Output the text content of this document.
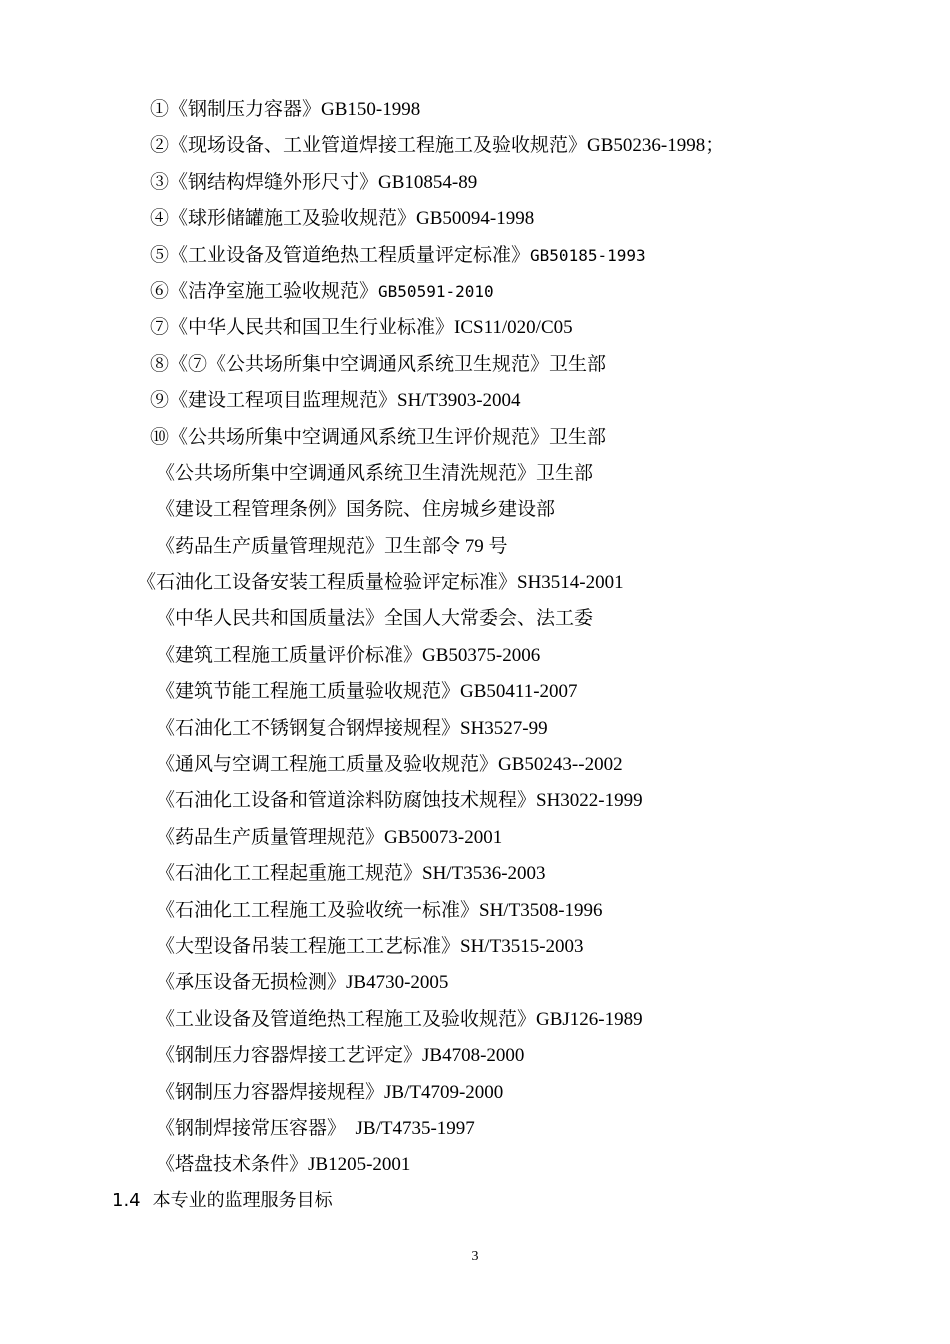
①《钢制压力容器》GB150-1998
②《现场设备、工业管道焊接工程施工及验收规范》GB50236-1998；
③《钢结构焊缝外形尺寸》GB10854-89
④《球形储罐施工及验收规范》GB50094-1998
⑤《工业设备及管道绝热工程质量评定标准》GB50185-1993
⑥《洁净室施工验收规范》GB50591-2010
⑦《中华人民共和国卫生行业标准》ICS11/020/C05
⑧《⑦《公共场所集中空调通风系统卫生规范》卫生部
⑨《建设工程项目监理规范》SH/T3903-2004
⑩《公共场所集中空调通风系统卫生评价规范》卫生部
《公共场所集中空调通风系统卫生清洗规范》卫生部
《建设工程管理条例》国务院、住房城乡建设部
《药品生产质量管理规范》卫生部令 79 号
《石油化工设备安装工程质量检验评定标准》SH3514-2001
《中华人民共和国质量法》全国人大常委会、法工委
《建筑工程施工质量评价标准》GB50375-2006
《建筑节能工程施工质量验收规范》GB50411-2007
《石油化工不锈钢复合钢焊接规程》SH3527-99
《通风与空调工程施工质量及验收规范》GB50243--2002
《石油化工设备和管道涂料防腐蚀技术规程》SH3022-1999
《药品生产质量管理规范》GB50073-2001
《石油化工工程起重施工规范》SH/T3536-2003
《石油化工工程施工及验收统一标准》SH/T3508-1996
《大型设备吊装工程施工工艺标准》SH/T3515-2003
《承压设备无损检测》JB4730-2005
《工业设备及管道绝热工程施工及验收规范》GBJ126-1989
《钢制压力容器焊接工艺评定》JB4708-2000
《钢制压力容器焊接规程》JB/T4709-2000
《钢制焊接常压容器》  JB/T4735-1997
《塔盘技术条件》JB1205-2001
1.4 本专业的监理服务目标
3
